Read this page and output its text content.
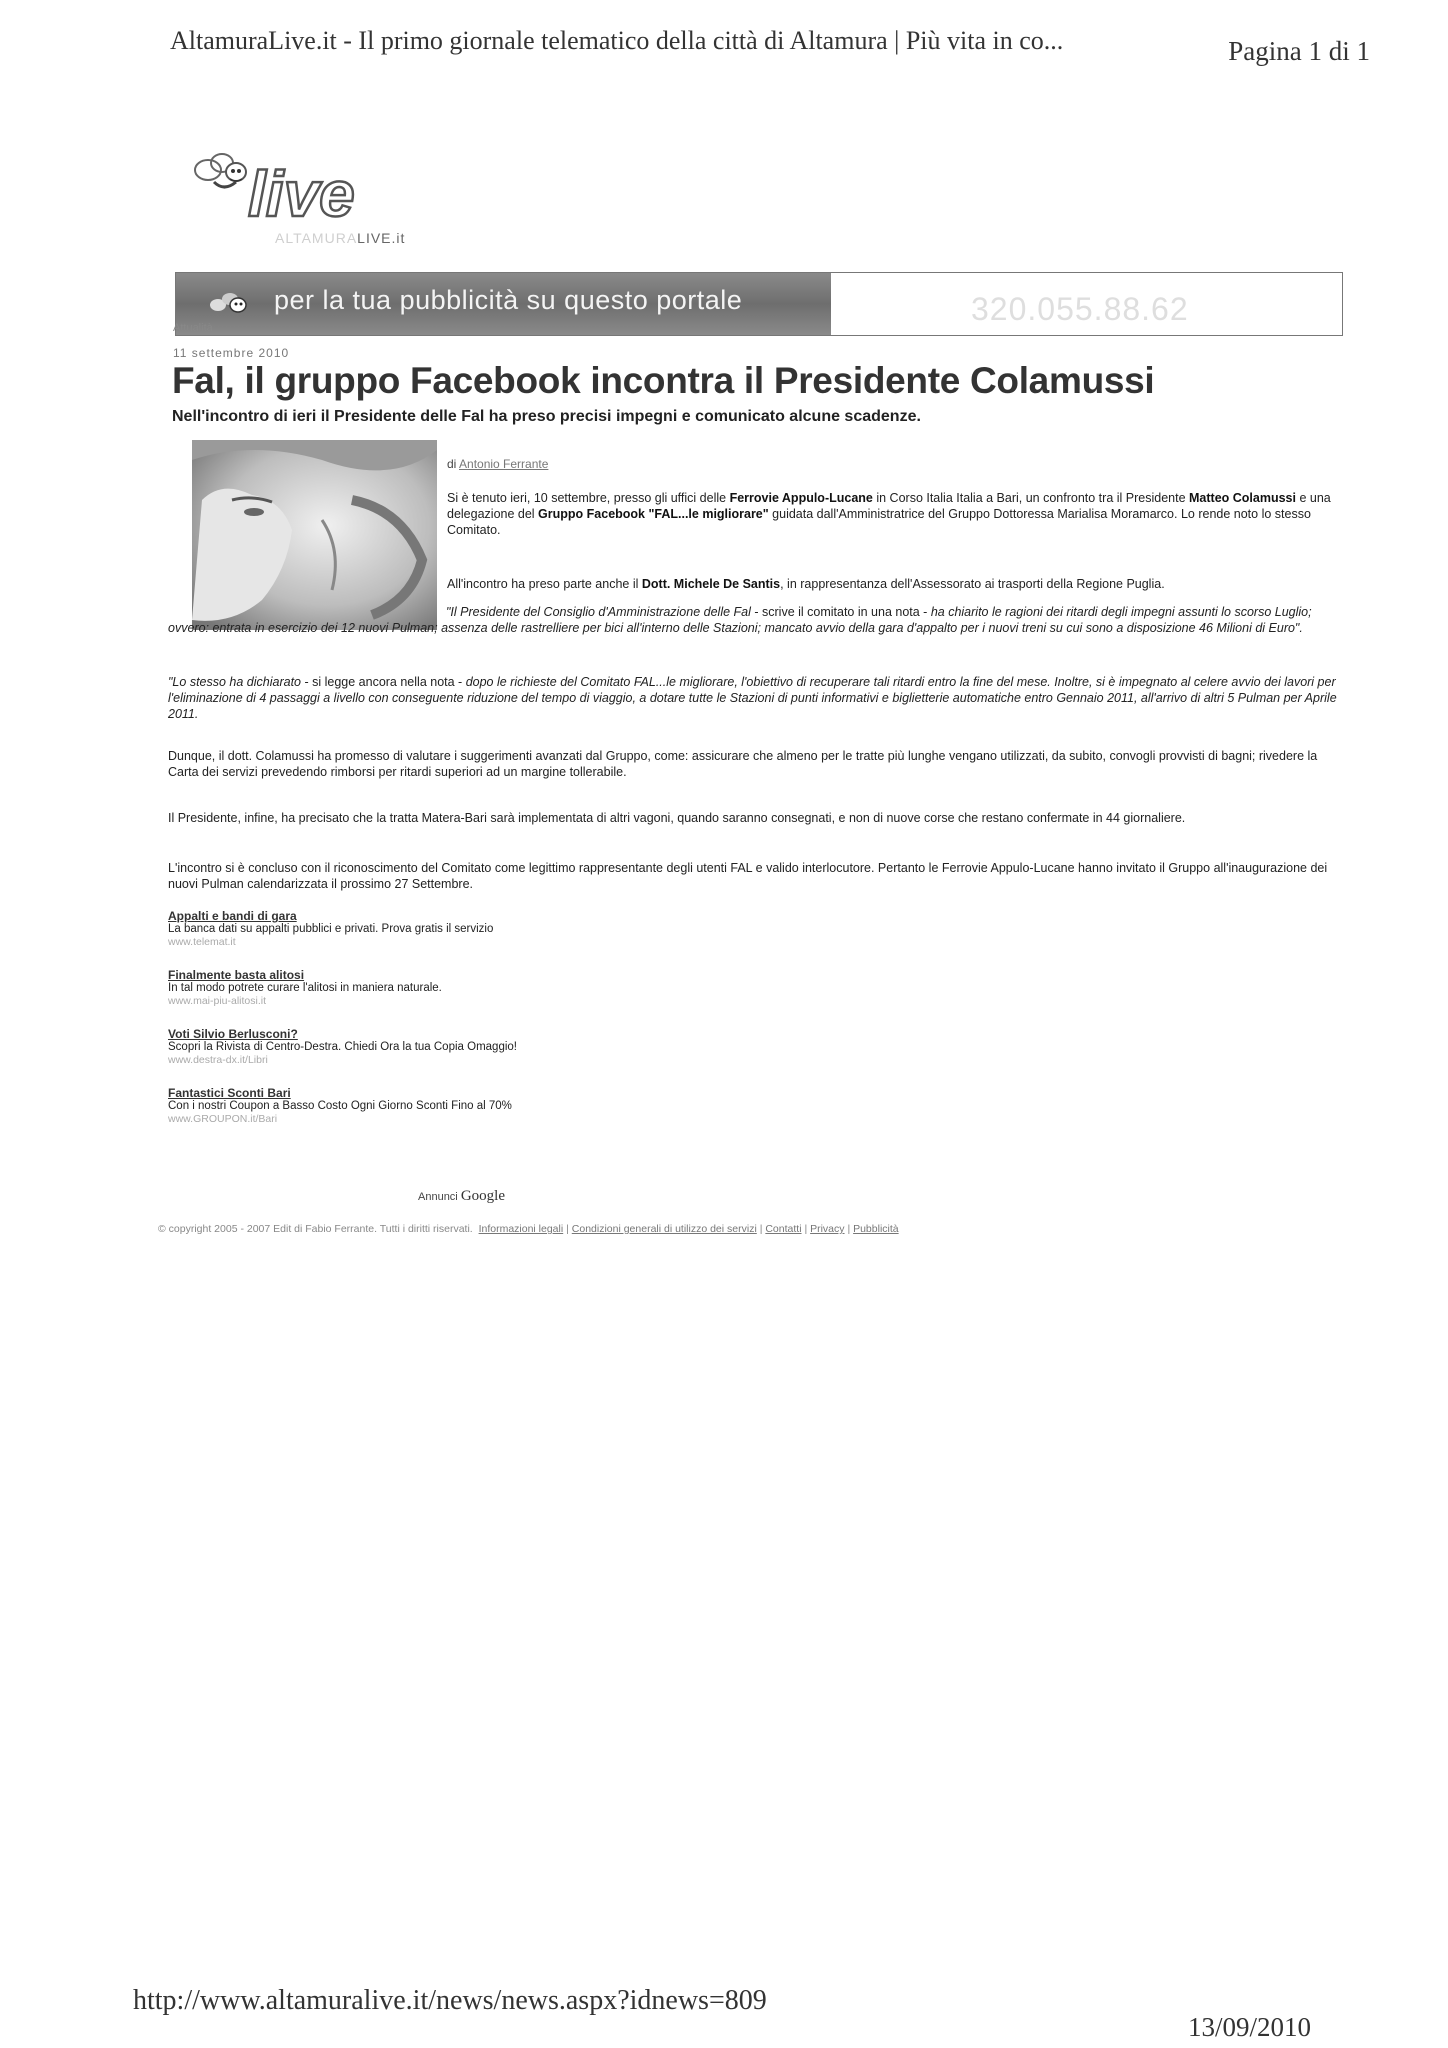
AltamuraLive.it - Il primo giornale telematico della città di Altamura | Più vita in co...	Pagina 1 di 1
live
ALTAMURALIVE.it
per la tua pubblicità su questo portale	320.055.88.62
Attualità
11 settembre 2010
Fal, il gruppo Facebook incontra il Presidente Colamussi
Nell'incontro di ieri il Presidente delle Fal ha preso precisi impegni e comunicato alcune scadenze.
di Antonio Ferrante
Si è tenuto ieri, 10 settembre, presso gli uffici delle Ferrovie Appulo-Lucane in Corso Italia Italia a Bari, un confronto tra il Presidente Matteo Colamussi e una delegazione del Gruppo Facebook "FAL...le migliorare" guidata dall'Amministratrice del Gruppo Dottoressa Marialisa Moramarco. Lo rende noto lo stesso Comitato.
All'incontro ha preso parte anche il Dott. Michele De Santis, in rappresentanza dell'Assessorato ai trasporti della Regione Puglia.
"Il Presidente del Consiglio d'Amministrazione delle Fal - scrive il comitato in una nota - ha chiarito le ragioni dei ritardi degli impegni assunti lo scorso Luglio; ovvero: entrata in esercizio dei 12 nuovi Pulman; assenza delle rastrelliere per bici all'interno delle Stazioni; mancato avvio della gara d'appalto per i nuovi treni su cui sono a disposizione 46 Milioni di Euro".
"Lo stesso ha dichiarato - si legge ancora nella nota - dopo le richieste del Comitato FAL...le migliorare, l'obiettivo di recuperare tali ritardi entro la fine del mese. Inoltre, si è impegnato al celere avvio dei lavori per l'eliminazione di 4 passaggi a livello con conseguente riduzione del tempo di viaggio, a dotare tutte le Stazioni di punti informativi e biglietterie automatiche entro Gennaio 2011, all'arrivo di altri 5 Pulman per Aprile 2011.
Dunque, il dott. Colamussi ha promesso di valutare i suggerimenti avanzati dal Gruppo, come: assicurare che almeno per le tratte più lunghe vengano utilizzati, da subito, convogli provvisti di bagni; rivedere la Carta dei servizi prevedendo rimborsi per ritardi superiori ad un margine tollerabile.
Il Presidente, infine, ha precisato che la tratta Matera-Bari sarà implementata di altri vagoni, quando saranno consegnati, e non di nuove corse che restano confermate in 44 giornaliere.
L'incontro si è concluso con il riconoscimento del Comitato come legittimo rappresentante degli utenti FAL e valido interlocutore. Pertanto le Ferrovie Appulo-Lucane hanno invitato il Gruppo all'inaugurazione dei nuovi Pulman calendarizzata il prossimo 27 Settembre.
Appalti e bandi di gara
La banca dati su appalti pubblici e privati. Prova gratis il servizio
www.telemat.it
Finalmente basta alitosi
In tal modo potrete curare l'alitosi in maniera naturale.
www.mai-piu-alitosi.it
Voti Silvio Berlusconi?
Scopri la Rivista di Centro-Destra. Chiedi Ora la tua Copia Omaggio!
www.destra-dx.it/Libri
Fantastici Sconti Bari
Con i nostri Coupon a Basso Costo Ogni Giorno Sconti Fino al 70%
www.GROUPON.it/Bari
Annunci Google
© copyright 2005 - 2007 Edit di Fabio Ferrante. Tutti i diritti riservati. Informazioni legali | Condizioni generali di utilizzo dei servizi | Contatti | Privacy | Pubblicità
http://www.altamuralive.it/news/news.aspx?idnews=809
13/09/2010
